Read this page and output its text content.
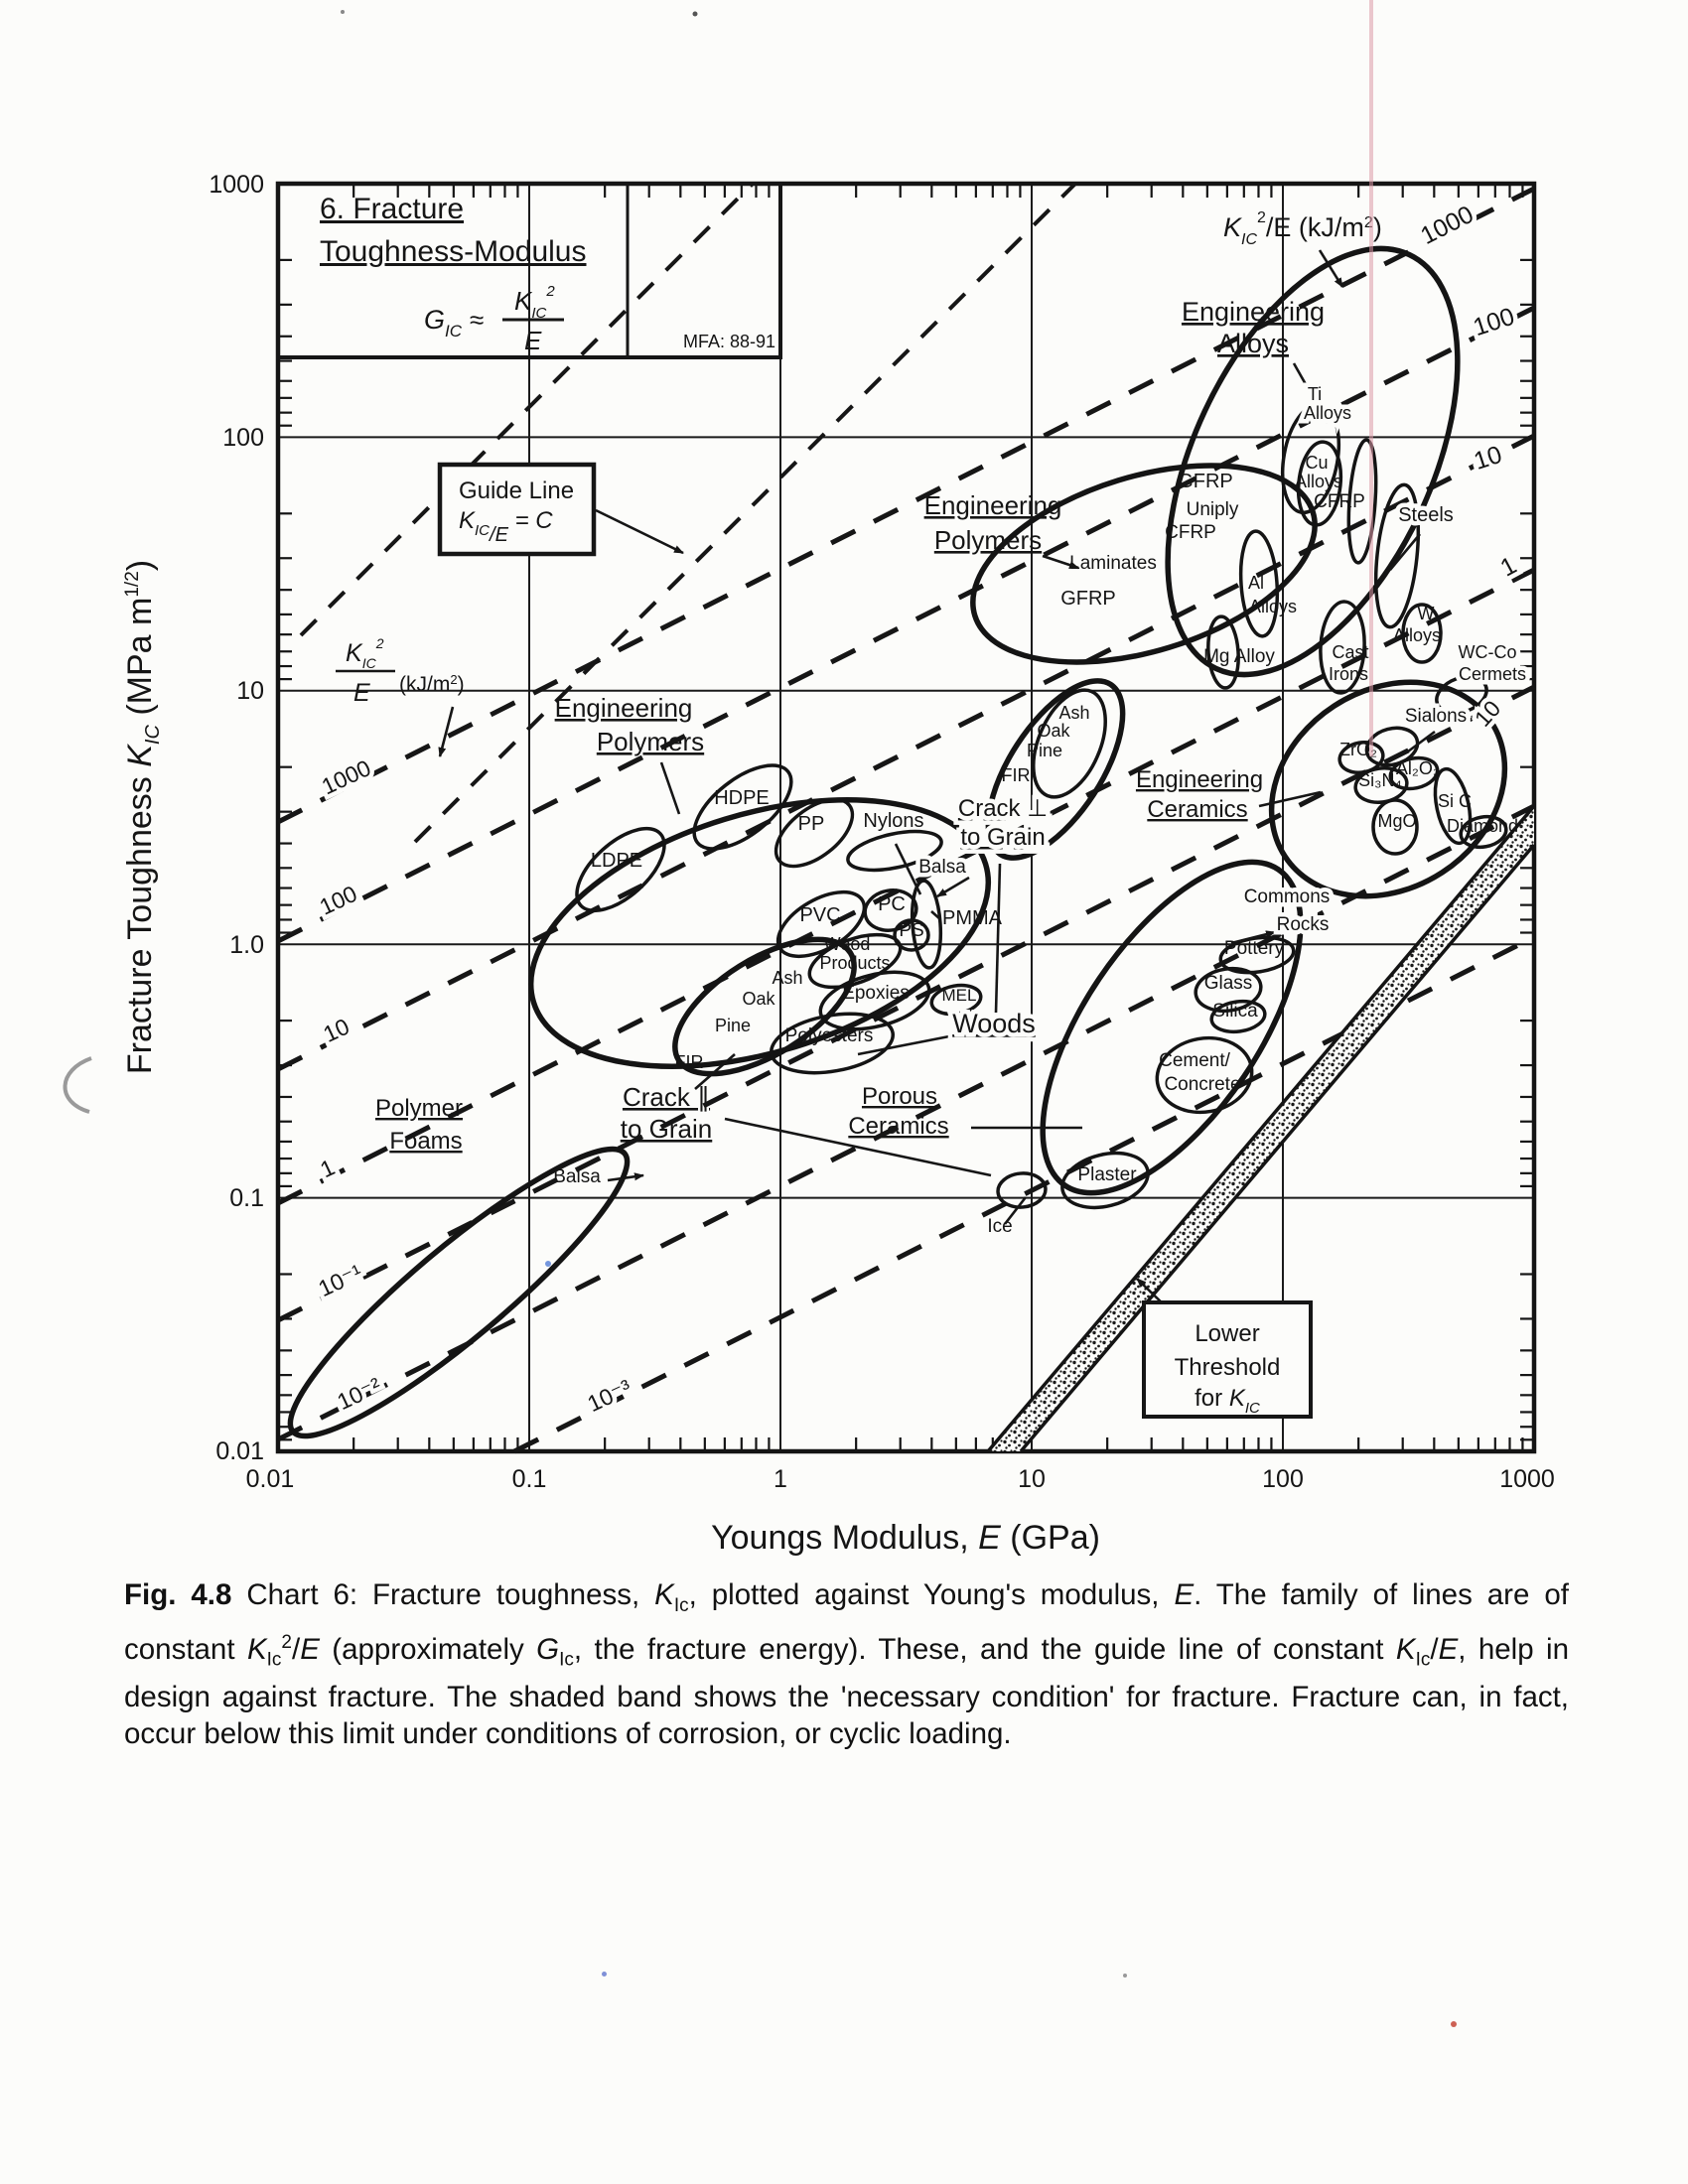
Engineering
Alloys
Engineering
Polymers
Engineering
Polymers
Engineering
Ceramics
Crack ⊥
to Grain
Woods
Crack ∥
to Grain
Porous
Ceramics
Polymer
Foams
GFRP
Uniply
CFRP
Laminates
GFRP
Ti
Alloys
Cu
Alloys
CFRP
Steels
Al
Alloys
Mg Alloy	Cast
Irons
W
Alloys
WC-Co
Cermets
Sialons
ZrO₂
Si₃N₄
Al₂O₃
Si C
MgO Diamond
HDPE
PP Nylons
LDPE
PVC PC
PS
PMMA
Wood
Products
Ash
Oak
Pine
FIR
Epoxies MEL
Polyesters
Ash
Oak
Pine
FIR
Balsa
Balsa
Commons
Rocks
Pottery
Glass
Silica
Cement/
Concrete
Plaster
Ice
1000
100
10
1
10⁻¹
10⁻²	10⁻³
1000
100
10
1
10
0.01	0.1	1	10	100	1000
1000
100
10
1.0
0.1
0.01
6. Fracture
Toughness-Modulus
$G_{IC}$ ≈
$K_{IC}^2$
E	MFA: 88-91
Guide Line
$K_{IC/E} = C$
Lower
Threshold
for $K_{IC}$
$K_{IC}^2/E$ $(kJ/m^2)$
$K_{IC}^2$
E $(kJ/m^2)$
Youngs Modulus, E (GPa)
Fracture Toughness $K_{IC}$ (MPa $m^{1/2}$)
Fig. 4.8 Chart 6: Fracture toughness, $K_{Ic}$, plotted against Young's modulus, E. The family of lines are of constant $K_{Ic}^2/E$ (approximately $G_{Ic}$, the fracture energy). These, and the guide line of constant $K_{Ic}/E$, help in design against fracture. The shaded band shows the 'necessary condition' for fracture. Fracture can, in fact, occur below this limit under conditions of corrosion, or cyclic loading.
